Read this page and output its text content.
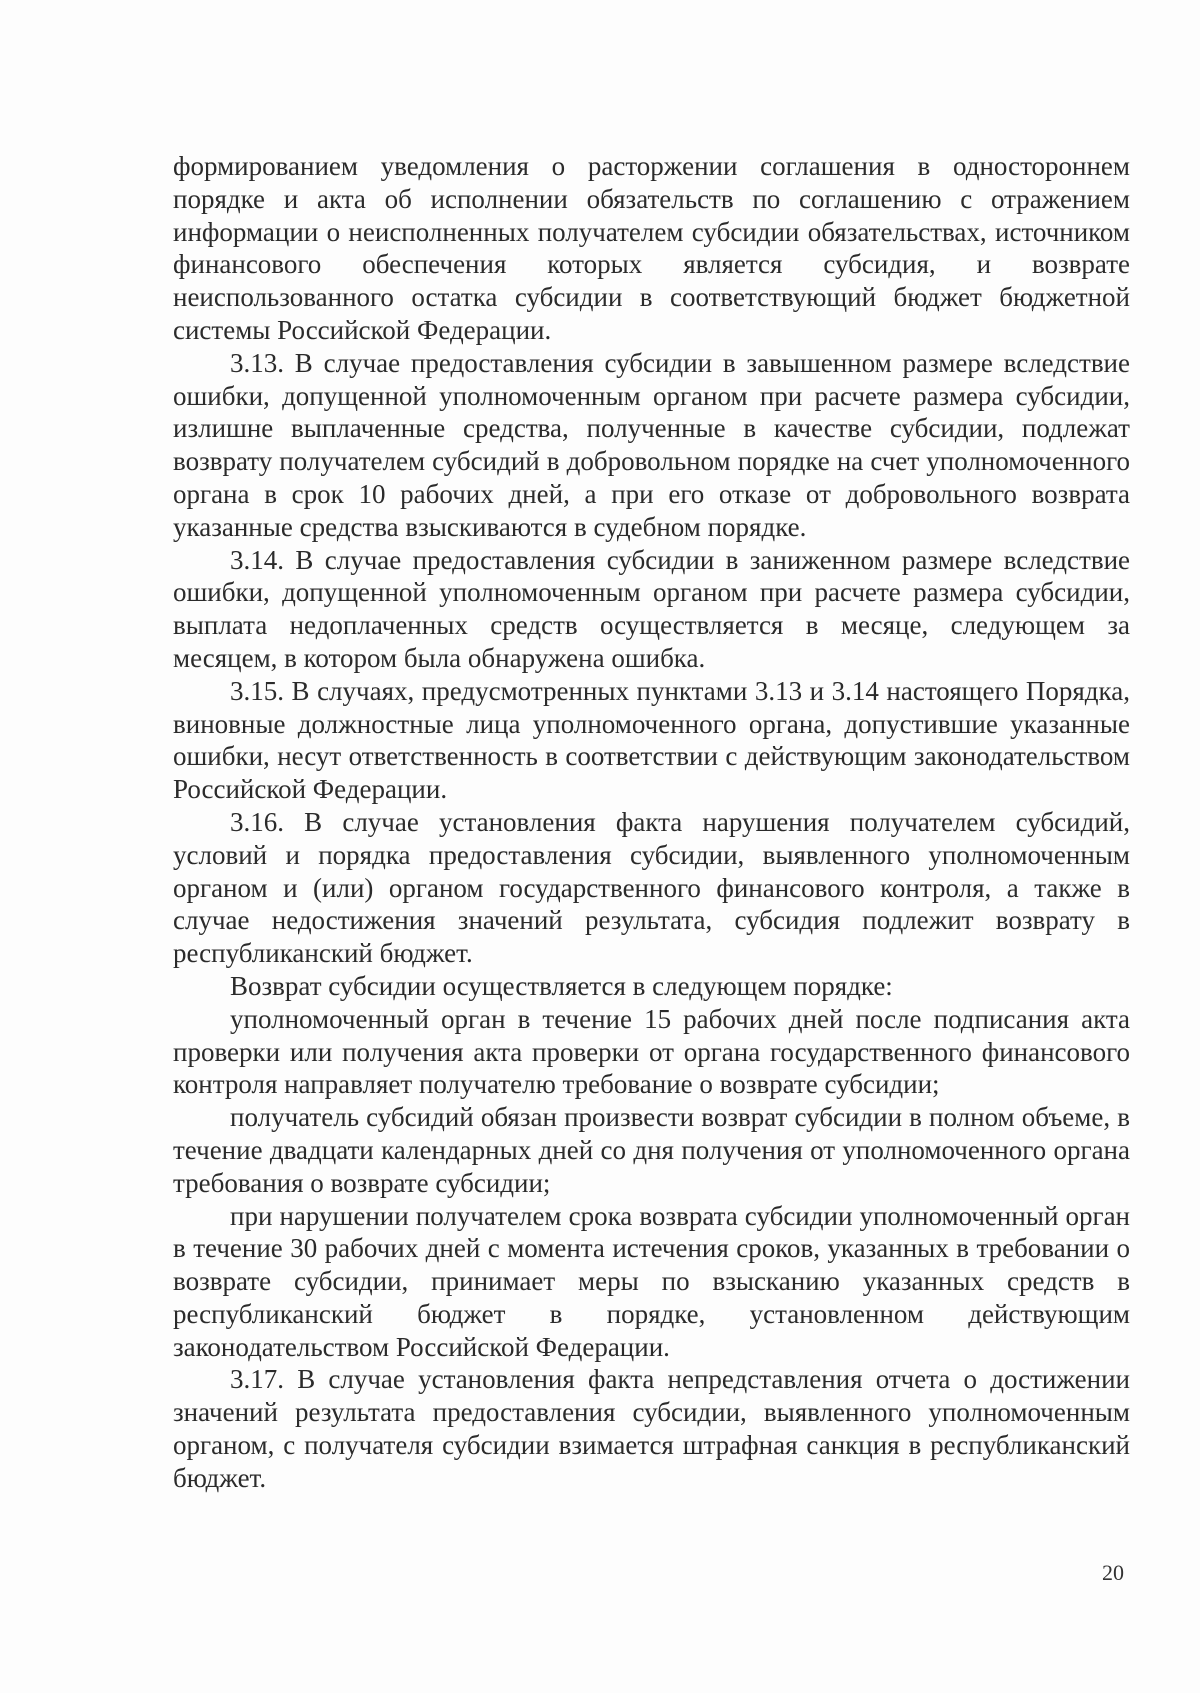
формированием уведомления о расторжении соглашения в одностороннем порядке и акта об исполнении обязательств по соглашению с отражением информации о неисполненных получателем субсидии обязательствах, источником финансового обеспечения которых является субсидия, и возврате неиспользованного остатка субсидии в соответствующий бюджет бюджетной системы Российской Федерации.

3.13. В случае предоставления субсидии в завышенном размере вследствие ошибки, допущенной уполномоченным органом при расчете размера субсидии, излишне выплаченные средства, полученные в качестве субсидии, подлежат возврату получателем субсидий в добровольном порядке на счет уполномоченного органа в срок 10 рабочих дней, а при его отказе от добровольного возврата указанные средства взыскиваются в судебном порядке.

3.14. В случае предоставления субсидии в заниженном размере вследствие ошибки, допущенной уполномоченным органом при расчете размера субсидии, выплата недоплаченных средств осуществляется в месяце, следующем за месяцем, в котором была обнаружена ошибка.

3.15. В случаях, предусмотренных пунктами 3.13 и 3.14 настоящего Порядка, виновные должностные лица уполномоченного органа, допустившие указанные ошибки, несут ответственность в соответствии с действующим законодательством Российской Федерации.

3.16. В случае установления факта нарушения получателем субсидий, условий и порядка предоставления субсидии, выявленного уполномоченным органом и (или) органом государственного финансового контроля, а также в случае недостижения значений результата, субсидия подлежит возврату в республиканский бюджет.

Возврат субсидии осуществляется в следующем порядке:

уполномоченный орган в течение 15 рабочих дней после подписания акта проверки или получения акта проверки от органа государственного финансового контроля направляет получателю требование о возврате субсидии;

получатель субсидий обязан произвести возврат субсидии в полном объеме, в течение двадцати календарных дней со дня получения от уполномоченного органа требования о возврате субсидии;

при нарушении получателем срока возврата субсидии уполномоченный орган в течение 30 рабочих дней с момента истечения сроков, указанных в требовании о возврате субсидии, принимает меры по взысканию указанных средств в республиканский бюджет в порядке, установленном действующим законодательством Российской Федерации.

3.17. В случае установления факта непредставления отчета о достижении значений результата предоставления субсидии, выявленного уполномоченным органом, с получателя субсидии взимается штрафная санкция в республиканский бюджет.

20
